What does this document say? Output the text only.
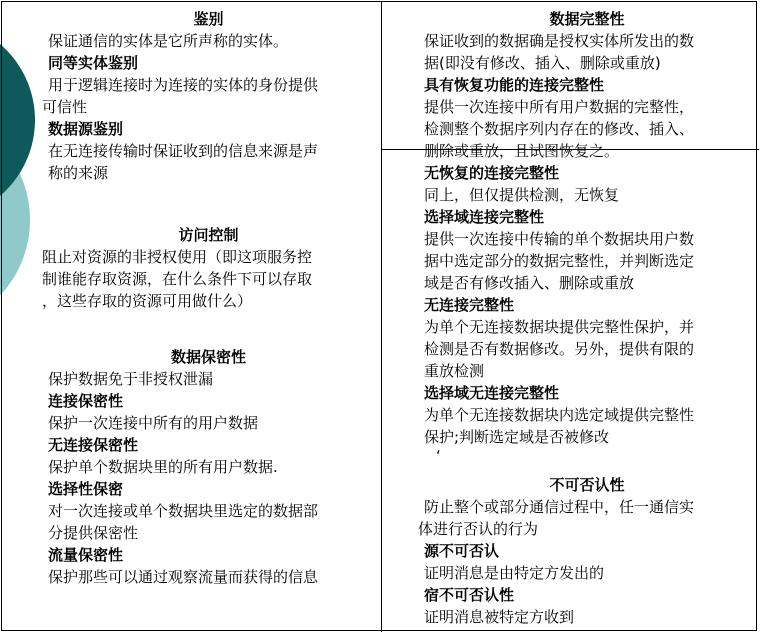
鉴别
保证通信的实体是它所声称的实体。
同等实体鉴别
用于逻辑连接时为连接的实体的身份提供
可信性
数据源鉴别
在无连接传输时保证收到的信息来源是声
称的来源
访问控制
阻止对资源的非授权使用（即这项服务控
制谁能存取资源，在什么条件下可以存取
，这些存取的资源可用做什么）
数据保密性
保护数据免于非授权泄漏
连接保密性
保护一次连接中所有的用户数据
无连接保密性
保护单个数据块里的所有用户数据.
选择性保密
对一次连接或单个数据块里选定的数据部
分提供保密性
流量保密性
保护那些可以通过观察流量而获得的信息
数据完整性
保证收到的数据确是授权实体所发出的数
据(即没有修改、插入、删除或重放)
具有恢复功能的连接完整性
提供一次连接中所有用户数据的完整性，
检测整个数据序列内存在的修改、插入、
删除或重放，且试图恢复之。
无恢复的连接完整性
同上，但仅提供检测，无恢复
选择域连接完整性
提供一次连接中传输的单个数据块用户数
据中选定部分的数据完整性，并判断选定
域是否有修改插入、删除或重放
无连接完整性
为单个无连接数据块提供完整性保护，并
检测是否有数据修改。另外，提供有限的
重放检测
选择域无连接完整性
为单个无连接数据块内选定域提供完整性
保护;判断选定域是否被修改
‘
不可否认性
防止整个或部分通信过程中，任一通信实
体进行否认的行为
源不可否认
证明消息是由特定方发出的
宿不可否认性
证明消息被特定方收到
